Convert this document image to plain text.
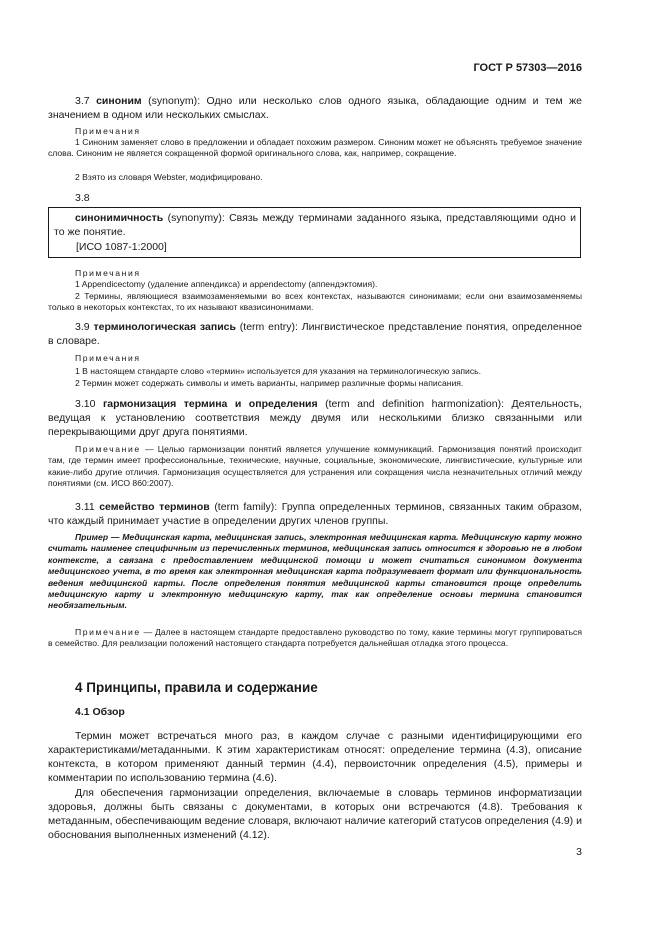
ГОСТ Р 57303—2016

3.7 синоним (synonym): Одно или несколько слов одного языка, обладающие одним и тем же значением в одном или нескольких смыслах.

Примечания

1 Синоним заменяет слово в предложении и обладает похожим размером. Синоним может не объяснять требуемое значение слова. Синоним не является сокращенной формой оригинального слова, как, например, сокращение.

2 Взято из словаря Webster, модифицировано.

3.8

синонимичность (synonymy): Связь между терминами заданного языка, представляющими одно и то же понятие.

[ИСО 1087-1:2000]

Примечания

1 Appendicectomy (удаление аппендикса) и appendectomy (аппендэктомия).

2 Термины, являющиеся взаимозаменяемыми во всех контекстах, называются синонимами; если они взаимозаменяемы только в некоторых контекстах, то их называют квазисинонимами.

3.9 терминологическая запись (term entry): Лингвистическое представление понятия, определенное в словаре.

Примечания

1 В настоящем стандарте слово «термин» используется для указания на терминологическую запись.

2 Термин может содержать символы и иметь варианты, например различные формы написания.

3.10 гармонизация термина и определения (term and definition harmonization): Деятельность, ведущая к установлению соответствия между двумя или несколькими близко связанными или перекрывающими друг друга понятиями.

Примечание — Целью гармонизации понятий является улучшение коммуникаций. Гармонизация понятий происходит там, где термин имеет профессиональные, технические, научные, социальные, экономические, лингвистические, культурные или какие-либо другие отличия. Гармонизация осуществляется для устранения или сокращения числа незначительных отличий между понятиями (см. ИСО 860:2007).

3.11 семейство терминов (term family): Группа определенных терминов, связанных таким образом, что каждый принимает участие в определении других членов группы.

Пример — Медицинская карта, медицинская запись, электронная медицинская карта. Медицинскую карту можно считать наименее специфичным из перечисленных терминов, медицинская запись относится к здоровью не в любом контексте, а связана с предоставлением медицинской помощи и может считаться синонимом документа медицинского учета, в то время как электронная медицинская карта подразумевает формат или функциональность ведения медицинской карты. После определения понятия медицинской карты становится проще определить медицинскую карту и электронную медицинскую карту, так как определение основы термина становится необязательным.

Примечание — Далее в настоящем стандарте предоставлено руководство по тому, какие термины могут группироваться в семейство. Для реализации положений настоящего стандарта потребуется дальнейшая отладка этого процесса.

4 Принципы, правила и содержание

4.1 Обзор

Термин может встречаться много раз, в каждом случае с разными идентифицирующими его характеристиками/метаданными. К этим характеристикам относят: определение термина (4.3), описание контекста, в котором применяют данный термин (4.4), первоисточник определения (4.5), примеры и комментарии по использованию термина (4.6).

Для обеспечения гармонизации определения, включаемые в словарь терминов информатизации здоровья, должны быть связаны с документами, в которых они встречаются (4.8). Требования к метаданным, обеспечивающим ведение словаря, включают наличие категорий статусов определения (4.9) и обоснования выполненных изменений (4.12).

3
